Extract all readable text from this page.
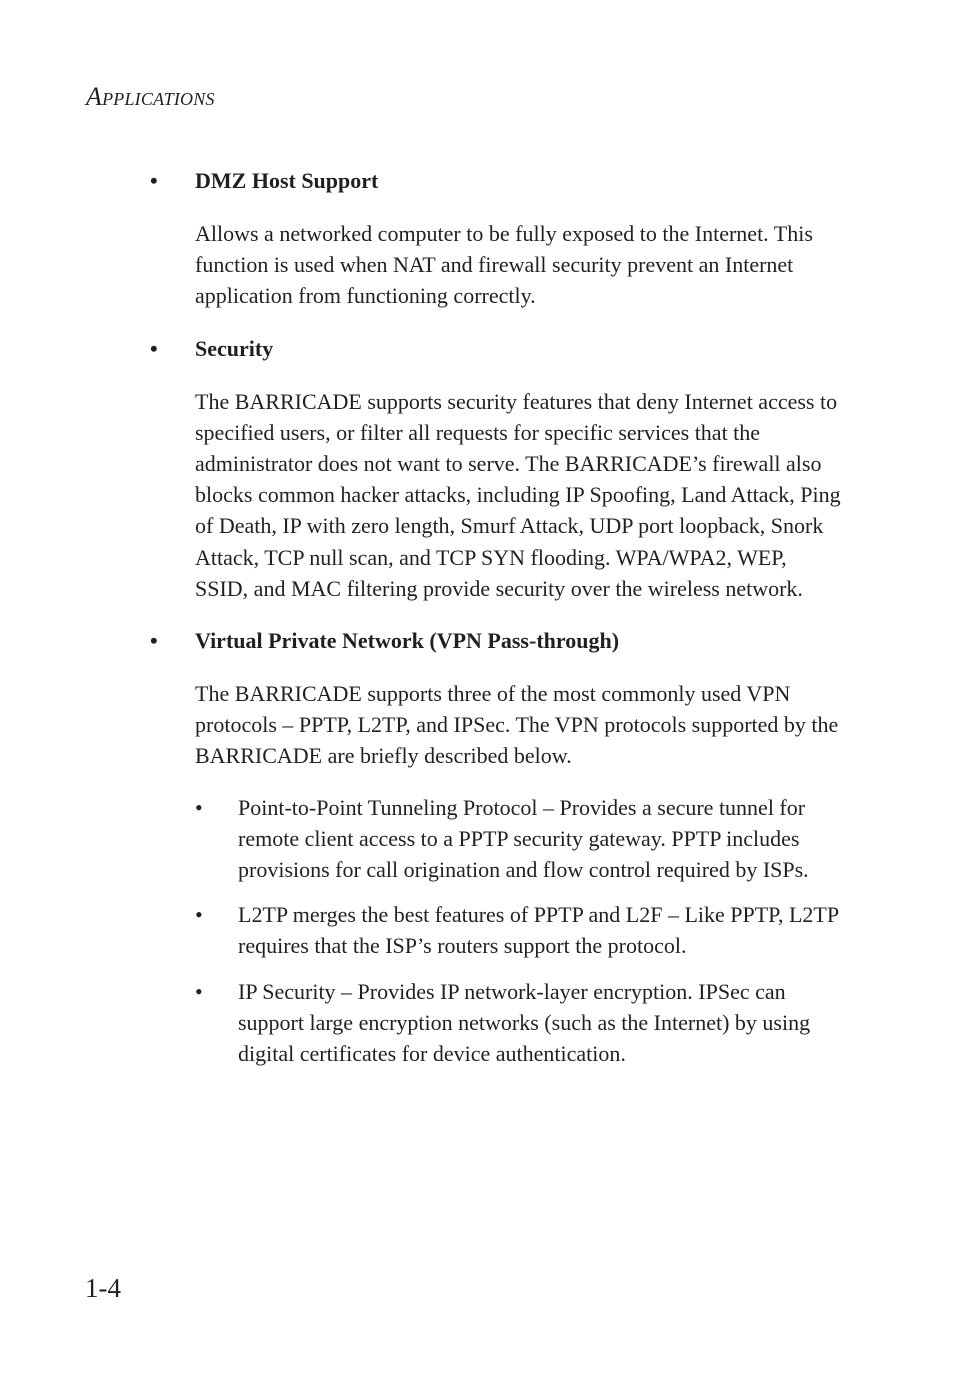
Applications
• DMZ Host Support
Allows a networked computer to be fully exposed to the Internet. This function is used when NAT and firewall security prevent an Internet application from functioning correctly.
• Security
The BARRICADE supports security features that deny Internet access to specified users, or filter all requests for specific services that the administrator does not want to serve. The BARRICADE’s firewall also blocks common hacker attacks, including IP Spoofing, Land Attack, Ping of Death, IP with zero length, Smurf Attack, UDP port loopback, Snork Attack, TCP null scan, and TCP SYN flooding. WPA/WPA2, WEP, SSID, and MAC filtering provide security over the wireless network.
• Virtual Private Network (VPN Pass-through)
The BARRICADE supports three of the most commonly used VPN protocols – PPTP, L2TP, and IPSec. The VPN protocols supported by the BARRICADE are briefly described below.
• Point-to-Point Tunneling Protocol – Provides a secure tunnel for remote client access to a PPTP security gateway. PPTP includes provisions for call origination and flow control required by ISPs.
• L2TP merges the best features of PPTP and L2F – Like PPTP, L2TP requires that the ISP’s routers support the protocol.
• IP Security – Provides IP network-layer encryption. IPSec can support large encryption networks (such as the Internet) by using digital certificates for device authentication.
1-4
